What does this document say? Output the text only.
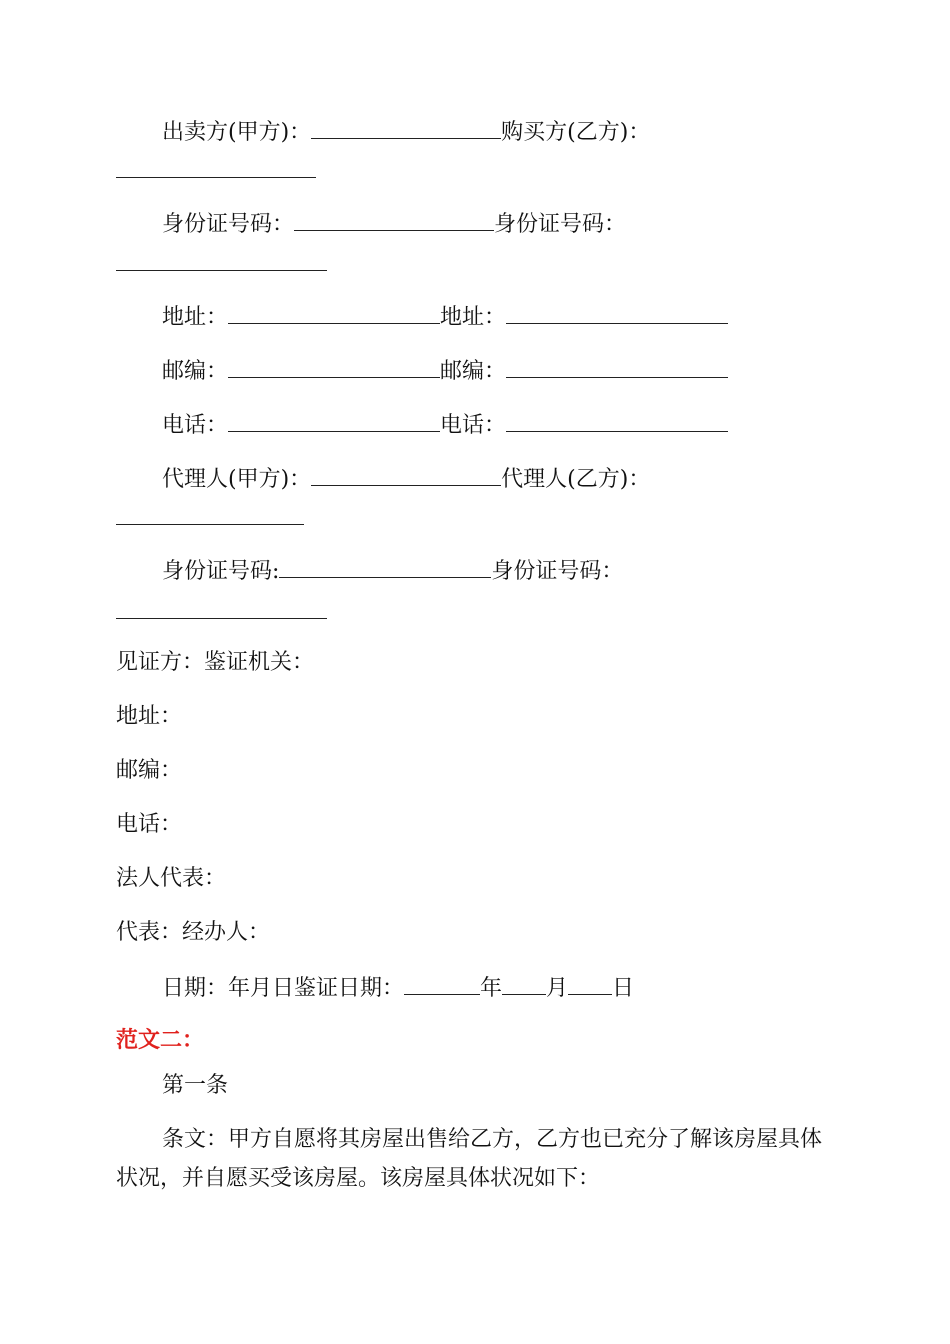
出卖方(甲方)：	购买方(乙方)：
身份证号码：	身份证号码：
地址：	地址：
邮编：	邮编：
电话：	电话：
代理人(甲方)：	代理人(乙方)：
身份证号码:	身份证号码：
见证方：鉴证机关：
地址：
邮编：
电话：
法人代表：
代表：经办人：
日期：年月日鉴证日期：	年 月 日
范文二：
第一条
条文：甲方自愿将其房屋出售给乙方，乙方也已充分了解该房屋具体
状况，并自愿买受该房屋。该房屋具体状况如下：
